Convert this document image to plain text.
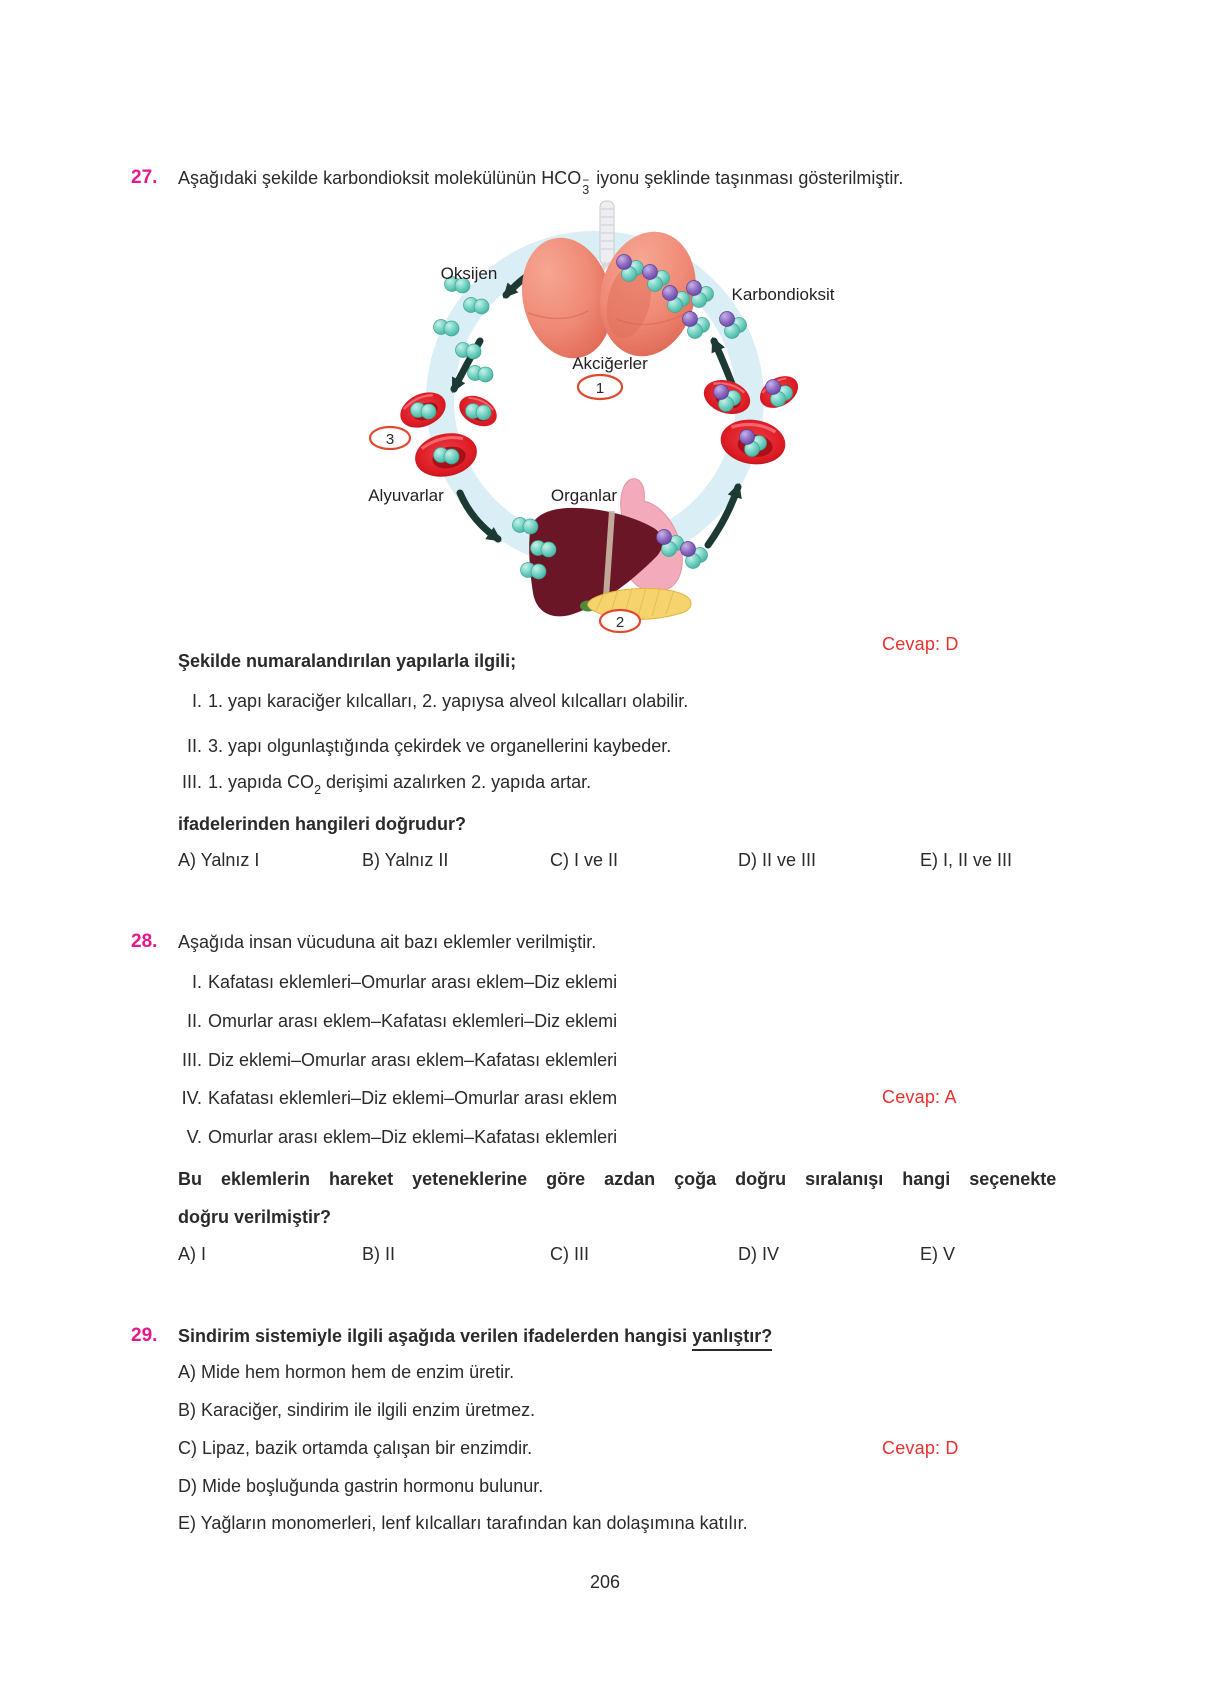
27. Aşağıdaki şekilde karbondioksit molekülünün HCO −
3
iyonu şeklinde taşınması gösterilmiştir.
1
3
2
Oksijen
Karbondioksit
Akciğerler
Alyuvarlar	Organlar
Cevap: D
Şekilde numaralandırılan yapılarla ilgili;
I. 1. yapı karaciğer kılcalları, 2. yapıysa alveol kılcalları olabilir.
II. 3. yapı olgunlaştığında çekirdek ve organellerini kaybeder.
III. 1. yapıda $CO_2$ derişimi azalırken 2. yapıda artar.
ifadelerinden hangileri doğrudur?
A) Yalnız I	B) Yalnız II	C) I ve II	D) II ve III	E) I, II ve III
28. Aşağıda insan vücuduna ait bazı eklemler verilmiştir.
I. Kafatası eklemleri–Omurlar arası eklem–Diz eklemi
II. Omurlar arası eklem–Kafatası eklemleri–Diz eklemi
III. Diz eklemi–Omurlar arası eklem–Kafatası eklemleri
IV. Kafatası eklemleri–Diz eklemi–Omurlar arası eklem
V. Omurlar arası eklem–Diz eklemi–Kafatası eklemleri
Cevap: A
Bu eklemlerin hareket yeteneklerine göre azdan çoğa doğru sıralanışı hangi seçenekte
doğru verilmiştir?
A) I	B) II	C) III	D) IV	E) V
29. Sindirim sistemiyle ilgili aşağıda verilen ifadelerden hangisi yanlıştır?
A) Mide hem hormon hem de enzim üretir.
B) Karaciğer, sindirim ile ilgili enzim üretmez.
C) Lipaz, bazik ortamda çalışan bir enzimdir.
D) Mide boşluğunda gastrin hormonu bulunur.
E) Yağların monomerleri, lenf kılcalları tarafından kan dolaşımına katılır.
Cevap: D
206
